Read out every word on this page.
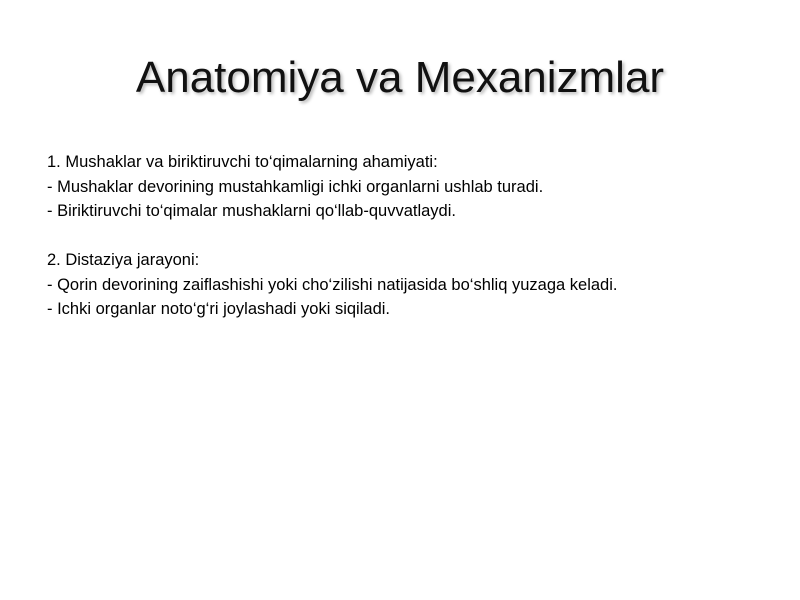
Anatomiya va Mexanizmlar
1. Mushaklar va biriktiruvchi to‘qimalarning ahamiyati:
- Mushaklar devorining mustahkamligi ichki organlarni ushlab turadi.
- Biriktiruvchi to‘qimalar mushaklarni qo‘llab-quvvatlaydi.
2. Distaziya jarayoni:
- Qorin devorining zaiflashishi yoki cho‘zilishi natijasida bo‘shliq yuzaga keladi.
- Ichki organlar noto‘g‘ri joylashadi yoki siqiladi.
